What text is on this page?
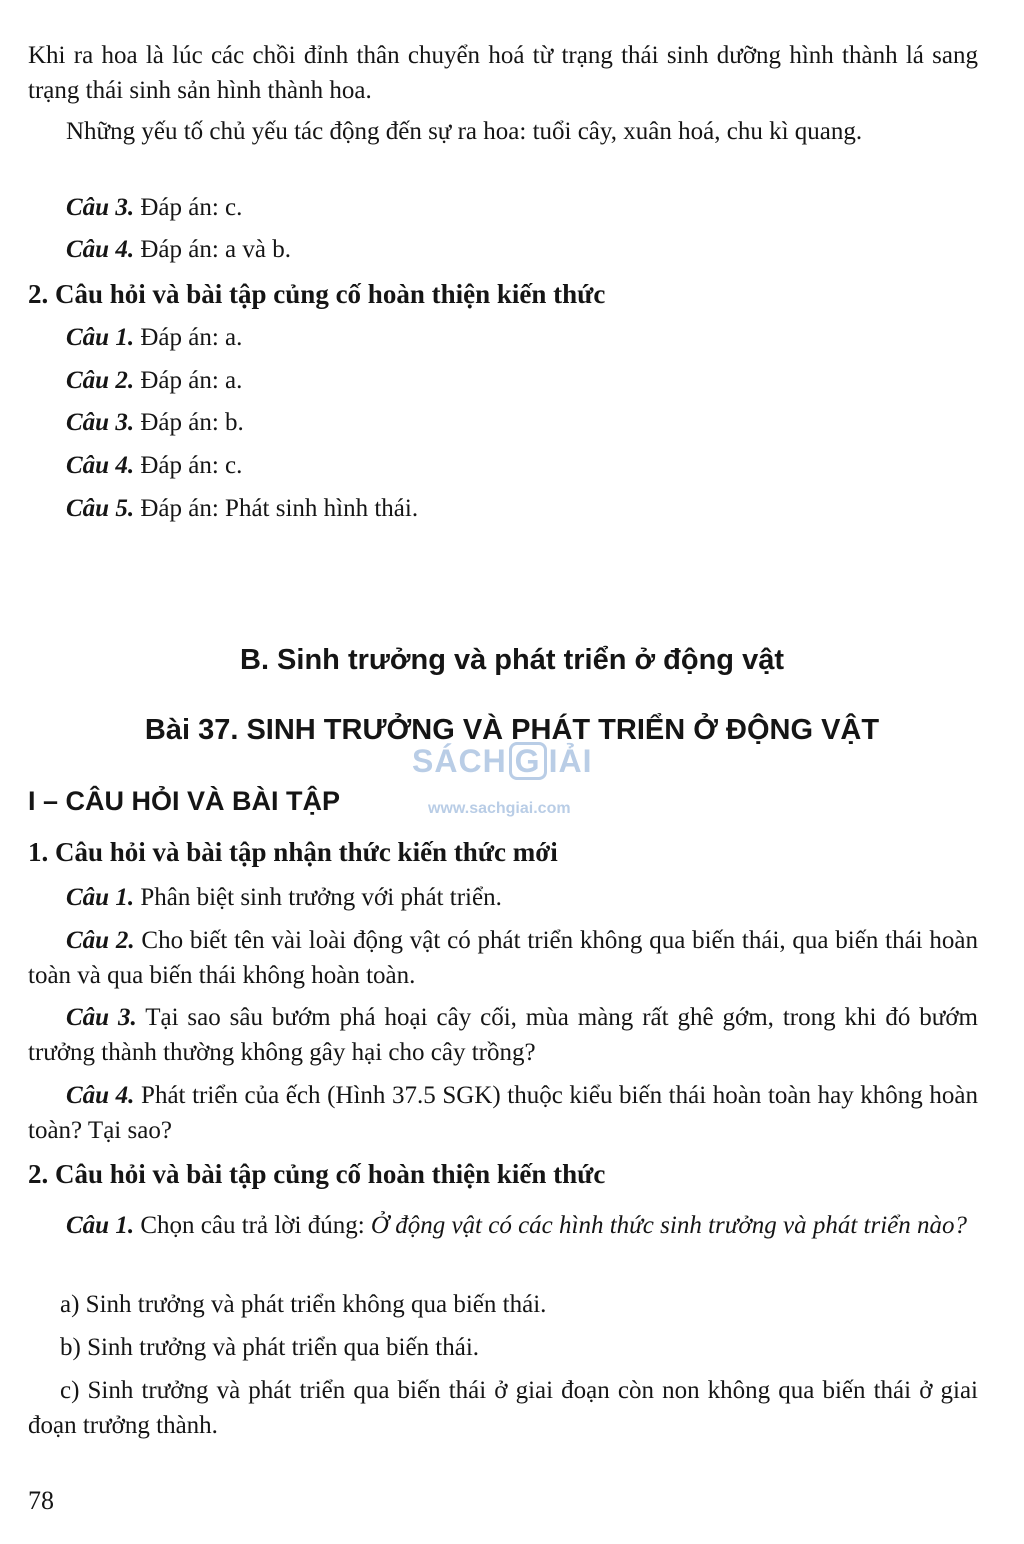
Khi ra hoa là lúc các chồi đỉnh thân chuyển hoá từ trạng thái sinh dưỡng hình thành lá sang trạng thái sinh sản hình thành hoa.

Những yếu tố chủ yếu tác động đến sự ra hoa: tuổi cây, xuân hoá, chu kì quang.

Câu 3. Đáp án: c.

Câu 4. Đáp án: a và b.

2. Câu hỏi và bài tập củng cố hoàn thiện kiến thức

Câu 1. Đáp án: a.

Câu 2. Đáp án: a.

Câu 3. Đáp án: b.

Câu 4. Đáp án: c.

Câu 5. Đáp án: Phát sinh hình thái.

B. Sinh trưởng và phát triển ở động vật
SÁCH G IẢI
www.sachgiai.com
Bài 37. SINH TRƯỞNG VÀ PHÁT TRIỂN Ở ĐỘNG VẬT
I – CÂU HỎI VÀ BÀI TẬP
1. Câu hỏi và bài tập nhận thức kiến thức mới

Câu 1. Phân biệt sinh trưởng với phát triển.

Câu 2. Cho biết tên vài loài động vật có phát triển không qua biến thái, qua biến thái hoàn toàn và qua biến thái không hoàn toàn.

Câu 3. Tại sao sâu bướm phá hoại cây cối, mùa màng rất ghê gớm, trong khi đó bướm trưởng thành thường không gây hại cho cây trồng?

Câu 4. Phát triển của ếch (Hình 37.5 SGK) thuộc kiểu biến thái hoàn toàn hay không hoàn toàn? Tại sao?

2. Câu hỏi và bài tập củng cố hoàn thiện kiến thức

Câu 1. Chọn câu trả lời đúng: Ở động vật có các hình thức sinh trưởng và phát triển nào?

a) Sinh trưởng và phát triển không qua biến thái.

b) Sinh trưởng và phát triển qua biến thái.

c) Sinh trưởng và phát triển qua biến thái ở giai đoạn còn non không qua biến thái ở giai đoạn trưởng thành.

78
